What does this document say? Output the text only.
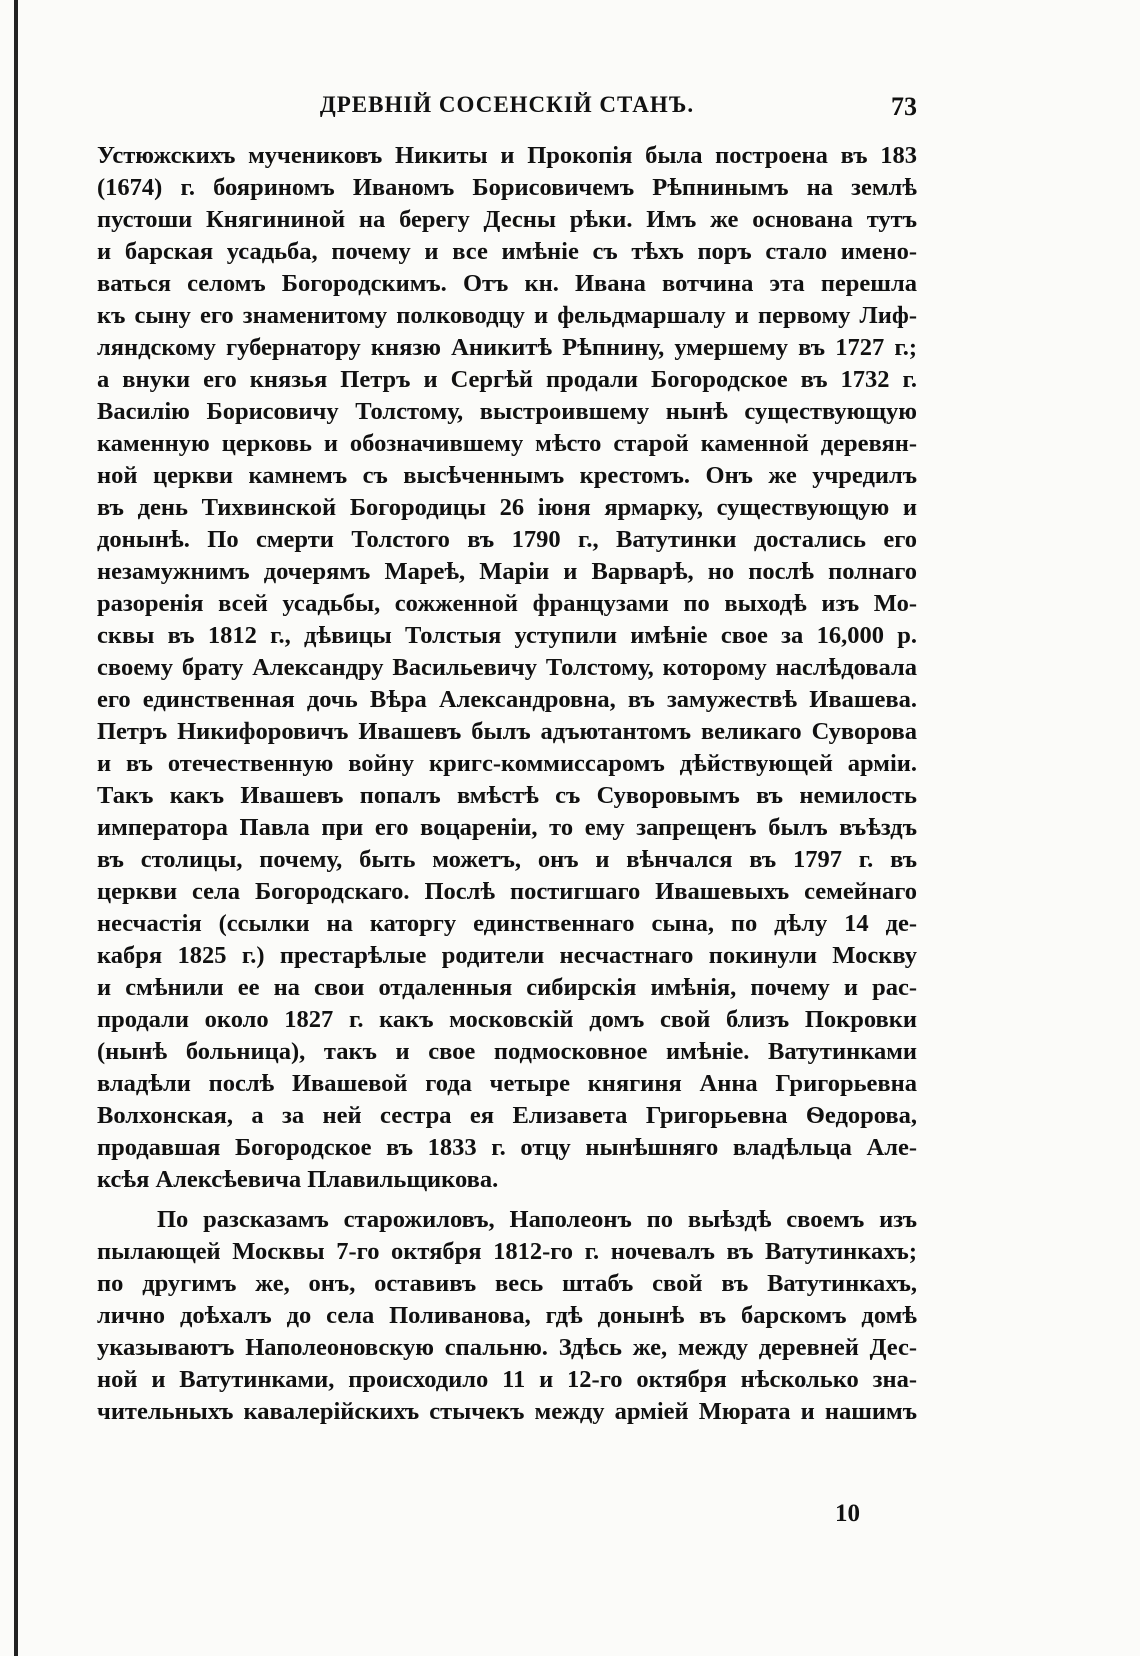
ДРЕВНІЙ СОСЕНСКІЙ СТАНЪ.	73
Устюжскихъ мучениковъ Никиты и Прокопія была построена въ 183
(1674) г. бояриномъ Иваномъ Борисовичемъ Рѣпнинымъ на землѣ
пустоши Княгининой на берегу Десны рѣки. Имъ же основана тутъ
и барская усадьба, почему и все имѣніе съ тѣхъ поръ стало имено-
ваться селомъ Богородскимъ. Отъ кн. Ивана вотчина эта перешла
къ сыну его знаменитому полководцу и фельдмаршалу и первому Лиф-
ляндскому губернатору князю Аникитѣ Рѣпнину, умершему въ 1727 г.;
а внуки его князья Петръ и Сергѣй продали Богородское въ 1732 г.
Василію Борисовичу Толстому, выстроившему нынѣ существующую
каменную церковь и обозначившему мѣсто старой каменной деревян-
ной церкви камнемъ съ высѣченнымъ крестомъ. Онъ же учредилъ
въ день Тихвинской Богородицы 26 іюня ярмарку, существующую и
донынѣ. По смерти Толстого въ 1790 г., Ватутинки достались его
незамужнимъ дочерямъ Мареѣ, Маріи и Варварѣ, но послѣ полнаго
разоренія всей усадьбы, сожженной французами по выходѣ изъ Мо-
сквы въ 1812 г., дѣвицы Толстыя уступили имѣніе свое за 16,000 р.
своему брату Александру Васильевичу Толстому, которому наслѣдовала
его единственная дочь Вѣра Александровна, въ замужествѣ Ивашева.
Петръ Никифоровичъ Ивашевъ былъ адъютантомъ великаго Суворова
и въ отечественную войну кригс-коммиссаромъ дѣйствующей арміи.
Такъ какъ Ивашевъ попалъ вмѣстѣ съ Суворовымъ въ немилость
императора Павла при его воцареніи, то ему запрещенъ былъ въѣздъ
въ столицы, почему, быть можетъ, онъ и вѣнчался въ 1797 г. въ
церкви села Богородскаго. Послѣ постигшаго Ивашевыхъ семейнаго
несчастія (ссылки на каторгу единственнаго сына, по дѣлу 14 де-
кабря 1825 г.) престарѣлые родители несчастнаго покинули Москву
и смѣнили ее на свои отдаленныя сибирскія имѣнія, почему и рас-
продали около 1827 г. какъ московскій домъ свой близъ Покровки
(нынѣ больница), такъ и свое подмосковное имѣніе. Ватутинками
владѣли послѣ Ивашевой года четыре княгиня Анна Григорьевна
Волхонская, а за ней сестра ея Елизавета Григорьевна Ѳедорова,
продавшая Богородское въ 1833 г. отцу нынѣшняго владѣльца Але-
ксѣя Алексѣевича Плавильщикова.
По разсказамъ старожиловъ, Наполеонъ по выѣздѣ своемъ изъ
пылающей Москвы 7-го октября 1812-го г. ночевалъ въ Ватутинкахъ;
по другимъ же, онъ, оставивъ весь штабъ свой въ Ватутинкахъ,
лично доѣхалъ до села Поливанова, гдѣ донынѣ въ барскомъ домѣ
указываютъ Наполеоновскую спальню. Здѣсь же, между деревней Дес-
ной и Ватутинками, происходило 11 и 12-го октября нѣсколько зна-
чительныхъ кавалерійскихъ стычекъ между арміей Мюрата и нашимъ
10
